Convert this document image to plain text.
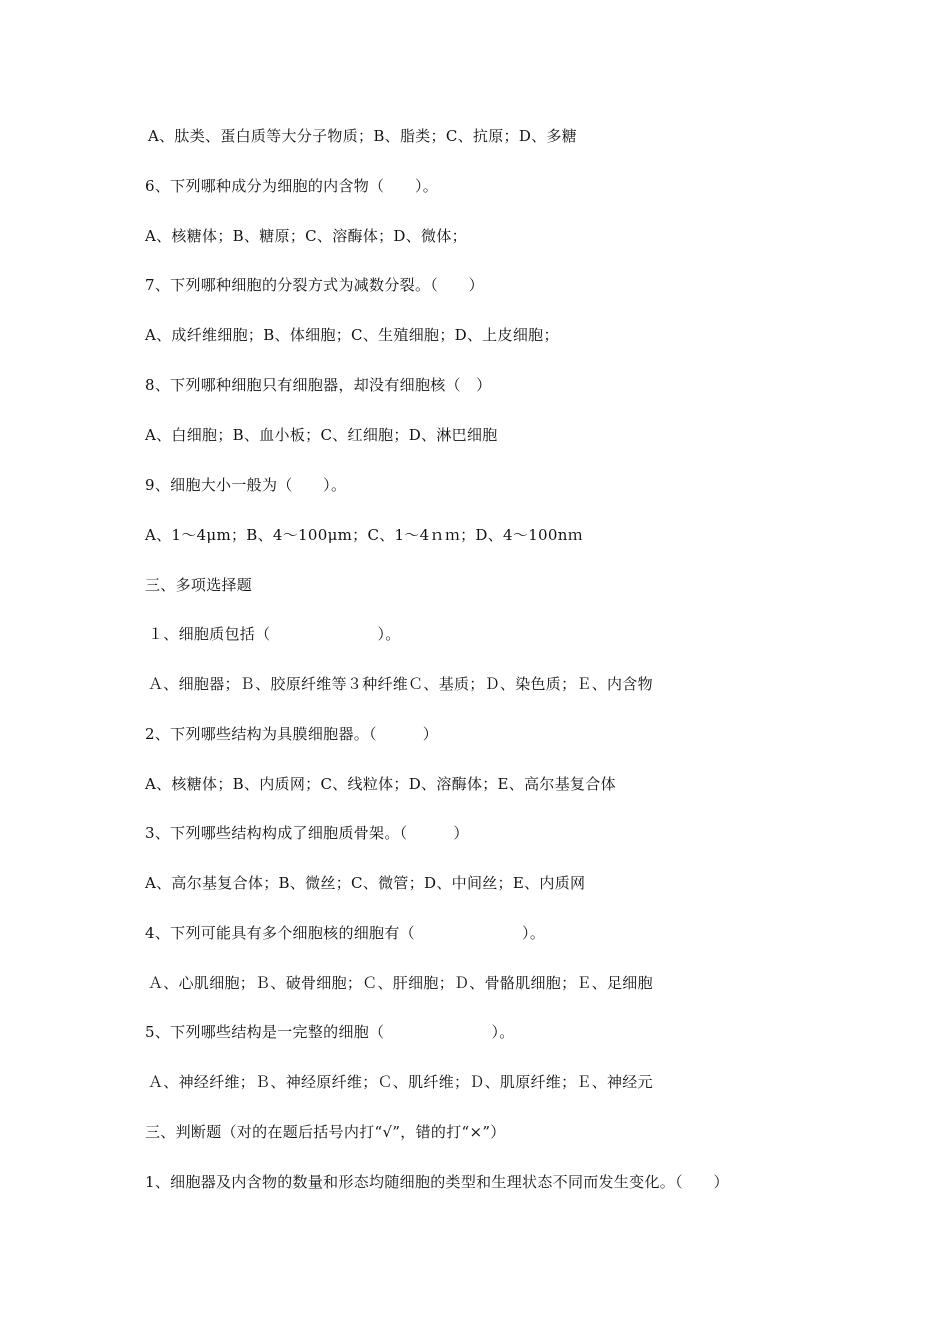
A、肽类、蛋白质等大分子物质；B、脂类；C、抗原；D、多糖
6、下列哪种成分为细胞的内含物（　　）。
A、核糖体；B、糖原；C、溶酶体；D、微体；
7、下列哪种细胞的分裂方式为减数分裂。（　　）
A、成纤维细胞；B、体细胞；C、生殖细胞；D、上皮细胞；
8、下列哪种细胞只有细胞器，却没有细胞核（　）
A、白细胞；B、血小板；C、红细胞；D、淋巴细胞
9、细胞大小一般为（　　）。
A、1～4μm；B、4～100μm；C、1～4ｎｍ；D、4～100nｍ
三、多项选择题
１、细胞质包括（　　　　　　　）。
Ａ、细胞器；Ｂ、胶原纤维等３种纤维Ｃ、基质；Ｄ、染色质；Ｅ、内含物
2、下列哪些结构为具膜细胞器。（　　　）
A、核糖体；B、内质网；C、线粒体；D、溶酶体；E、高尔基复合体
3、下列哪些结构构成了细胞质骨架。（　　　）
A、高尔基复合体；B、微丝；C、微管；D、中间丝；E、内质网
4、下列可能具有多个细胞核的细胞有（　　　　　　　）。
Ａ、心肌细胞；Ｂ、破骨细胞；Ｃ、肝细胞；Ｄ、骨骼肌细胞；Ｅ、足细胞
5、下列哪些结构是一完整的细胞（　　　　　　　）。
Ａ、神经纤维；Ｂ、神经原纤维；Ｃ、肌纤维；Ｄ、肌原纤维；Ｅ、神经元
三、判断题（对的在题后括号内打“√”，错的打“×”）
1、细胞器及内含物的数量和形态均随细胞的类型和生理状态不同而发生变化。（　　）
